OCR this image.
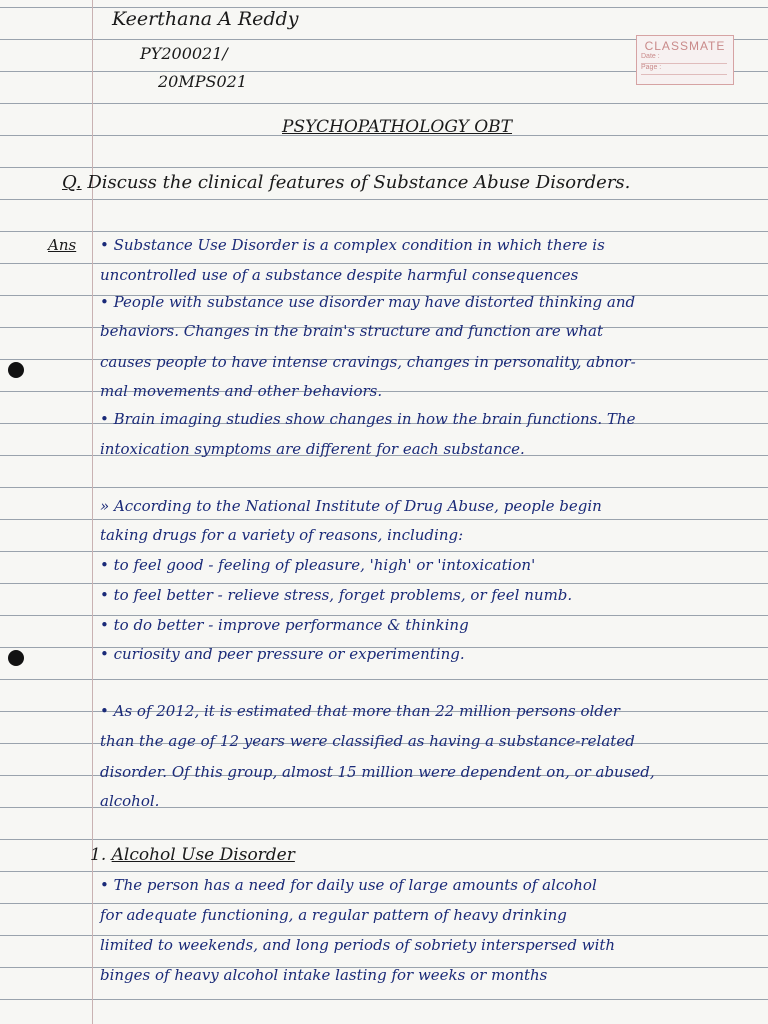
Keerthana A Reddy
PY200021/
20MPS021
CLASSMATE
Date :
Page :
PSYCHOPATHOLOGY OBT
Q. Discuss the clinical features of Substance Abuse Disorders.
Ans • Substance Use Disorder is a complex condition in which there is
uncontrolled use of a substance despite harmful consequences
• People with substance use disorder may have distorted thinking and
behaviors. Changes in the brain's structure and function are what
causes people to have intense cravings, changes in personality, abnor-
mal movements and other behaviors.
• Brain imaging studies show changes in how the brain functions. The
intoxication symptoms are different for each substance.
» According to the National Institute of Drug Abuse, people begin
taking drugs for a variety of reasons, including:
• to feel good - feeling of pleasure, 'high' or 'intoxication'
• to feel better - relieve stress, forget problems, or feel numb.
• to do better - improve performance & thinking
• curiosity and peer pressure or experimenting.
• As of 2012, it is estimated that more than 22 million persons older
than the age of 12 years were classified as having a substance-related
disorder. Of this group, almost 15 million were dependent on, or abused,
alcohol.
1. Alcohol Use Disorder
• The person has a need for daily use of large amounts of alcohol
for adequate functioning, a regular pattern of heavy drinking
limited to weekends, and long periods of sobriety interspersed with
binges of heavy alcohol intake lasting for weeks or months
